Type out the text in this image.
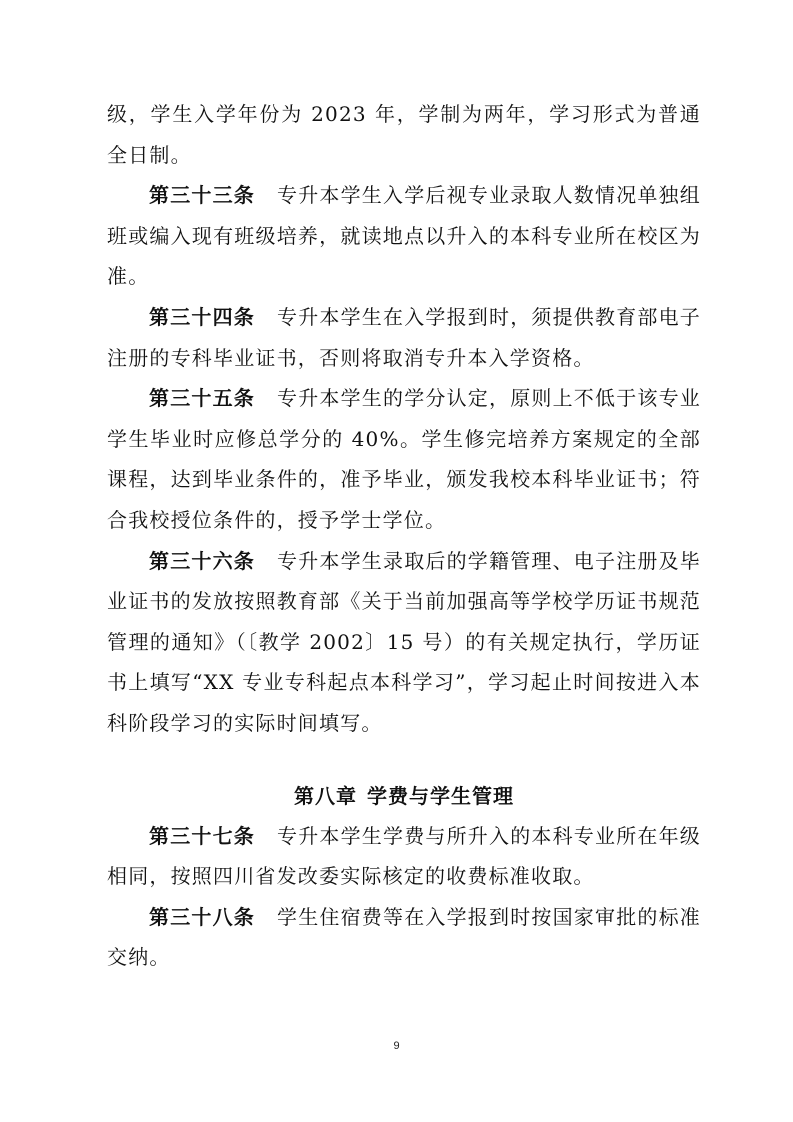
级，学生入学年份为 2023 年，学制为两年，学习形式为普通全日制。

第三十三条 专升本学生入学后视专业录取人数情况单独组班或编入现有班级培养，就读地点以升入的本科专业所在校区为准。

第三十四条 专升本学生在入学报到时，须提供教育部电子注册的专科毕业证书，否则将取消专升本入学资格。

第三十五条 专升本学生的学分认定，原则上不低于该专业学生毕业时应修总学分的 40%。学生修完培养方案规定的全部课程，达到毕业条件的，准予毕业，颁发我校本科毕业证书；符合我校授位条件的，授予学士学位。

第三十六条 专升本学生录取后的学籍管理、电子注册及毕业证书的发放按照教育部《关于当前加强高等学校学历证书规范管理的通知》（〔教学 2002〕15 号）的有关规定执行，学历证书上填写“XX 专业专科起点本科学习”，学习起止时间按进入本科阶段学习的实际时间填写。

第八章 学费与学生管理

第三十七条 专升本学生学费与所升入的本科专业所在年级相同，按照四川省发改委实际核定的收费标准收取。

第三十八条 学生住宿费等在入学报到时按国家审批的标准交纳。

9
